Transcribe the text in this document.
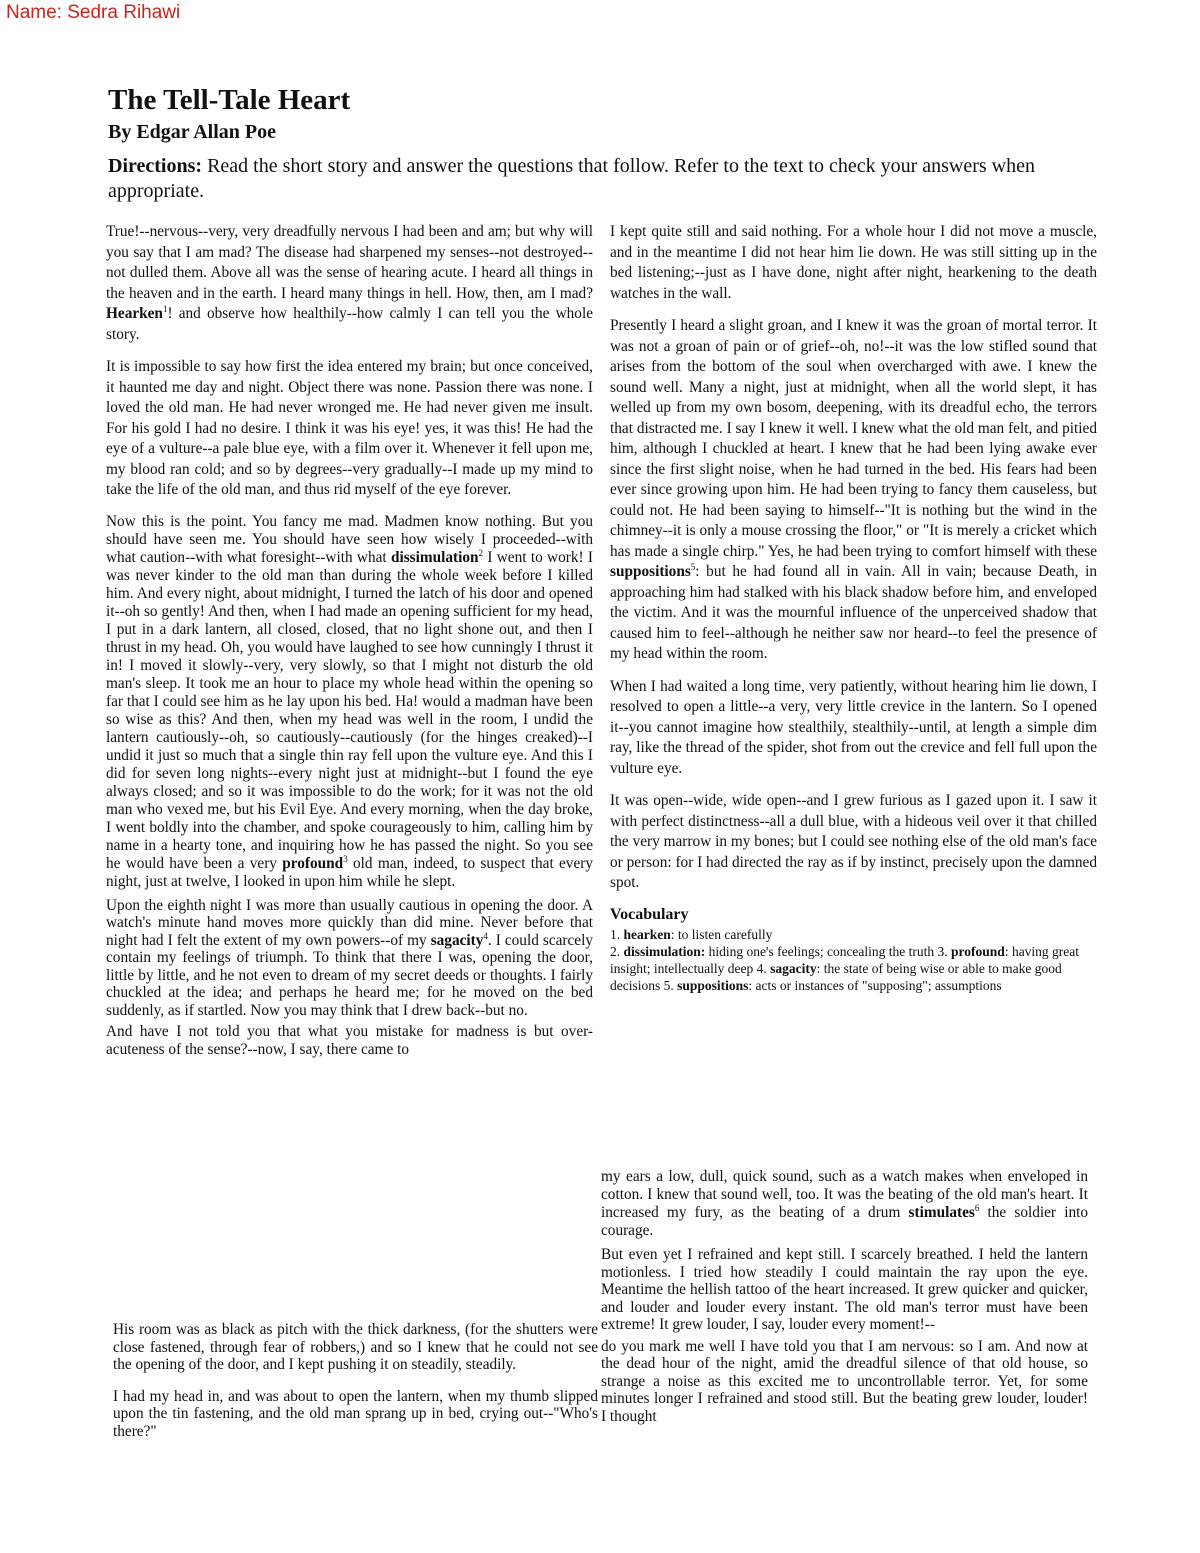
Name: Sedra Rihawi
The Tell-Tale Heart
By Edgar Allan Poe

Directions: Read the short story and answer the questions that follow. Refer to the text to check your answers when appropriate.

True!--nervous--very, very dreadfully nervous I had been and am; but why will you say that I am mad? The disease had sharpened my senses--not destroyed--not dulled them. Above all was the sense of hearing acute. I heard all things in the heaven and in the earth. I heard many things in hell. How, then, am I mad? Hearken$^1$! and observe how healthily--how calmly I can tell you the whole story.

It is impossible to say how first the idea entered my brain; but once conceived, it haunted me day and night. Object there was none. Passion there was none. I loved the old man. He had never wronged me. He had never given me insult. For his gold I had no desire. I think it was his eye! yes, it was this! He had the eye of a vulture--a pale blue eye, with a film over it. Whenever it fell upon me, my blood ran cold; and so by degrees--very gradually--I made up my mind to take the life of the old man, and thus rid myself of the eye forever.

Now this is the point. You fancy me mad. Madmen know nothing. But you should have seen me. You should have seen how wisely I proceeded--with what caution--with what foresight--with what dissimulation$^2$ I went to work! I was never kinder to the old man than during the whole week before I killed him. And every night, about midnight, I turned the latch of his door and opened it--oh so gently! And then, when I had made an opening sufficient for my head, I put in a dark lantern, all closed, closed, that no light shone out, and then I thrust in my head. Oh, you would have laughed to see how cunningly I thrust it in! I moved it slowly--very, very slowly, so that I might not disturb the old man's sleep. It took me an hour to place my whole head within the opening so far that I could see him as he lay upon his bed. Ha! would a madman have been so wise as this? And then, when my head was well in the room, I undid the lantern cautiously--oh, so cautiously--cautiously (for the hinges creaked)--I undid it just so much that a single thin ray fell upon the vulture eye. And this I did for seven long nights--every night just at midnight--but I found the eye always closed; and so it was impossible to do the work; for it was not the old man who vexed me, but his Evil Eye. And every morning, when the day broke, I went boldly into the chamber, and spoke courageously to him, calling him by name in a hearty tone, and inquiring how he has passed the night. So you see he would have been a very profound$^3$ old man, indeed, to suspect that every night, just at twelve, I looked in upon him while he slept.

Upon the eighth night I was more than usually cautious in opening the door. A watch's minute hand moves more quickly than did mine. Never before that night had I felt the extent of my own powers--of my sagacity$^4$. I could scarcely contain my feelings of triumph. To think that there I was, opening the door, little by little, and he not even to dream of my secret deeds or thoughts. I fairly chuckled at the idea; and perhaps he heard me; for he moved on the bed suddenly, as if startled. Now you may think that I drew back--but no.

And have I not told you that what you mistake for madness is but over-acuteness of the sense?--now, I say, there came to

His room was as black as pitch with the thick darkness, (for the shutters were close fastened, through fear of robbers,) and so I knew that he could not see the opening of the door, and I kept pushing it on steadily, steadily.

I had my head in, and was about to open the lantern, when my thumb slipped upon the tin fastening, and the old man sprang up in bed, crying out--"Who's there?"

I kept quite still and said nothing. For a whole hour I did not move a muscle, and in the meantime I did not hear him lie down. He was still sitting up in the bed listening;--just as I have done, night after night, hearkening to the death watches in the wall.

Presently I heard a slight groan, and I knew it was the groan of mortal terror. It was not a groan of pain or of grief--oh, no!--it was the low stifled sound that arises from the bottom of the soul when overcharged with awe. I knew the sound well. Many a night, just at midnight, when all the world slept, it has welled up from my own bosom, deepening, with its dreadful echo, the terrors that distracted me. I say I knew it well. I knew what the old man felt, and pitied him, although I chuckled at heart. I knew that he had been lying awake ever since the first slight noise, when he had turned in the bed. His fears had been ever since growing upon him. He had been trying to fancy them causeless, but could not. He had been saying to himself--"It is nothing but the wind in the chimney--it is only a mouse crossing the floor," or "It is merely a cricket which has made a single chirp." Yes, he had been trying to comfort himself with these suppositions$^5$: but he had found all in vain. All in vain; because Death, in approaching him had stalked with his black shadow before him, and enveloped the victim. And it was the mournful influence of the unperceived shadow that caused him to feel--although he neither saw nor heard--to feel the presence of my head within the room.

When I had waited a long time, very patiently, without hearing him lie down, I resolved to open a little--a very, very little crevice in the lantern. So I opened it--you cannot imagine how stealthily, stealthily--until, at length a simple dim ray, like the thread of the spider, shot from out the crevice and fell full upon the vulture eye.

It was open--wide, wide open--and I grew furious as I gazed upon it. I saw it with perfect distinctness--all a dull blue, with a hideous veil over it that chilled the very marrow in my bones; but I could see nothing else of the old man's face or person: for I had directed the ray as if by instinct, precisely upon the damned spot.

Vocabulary

1. hearken: to listen carefully

2. dissimulation: hiding one's feelings; concealing the truth 3. profound: having great insight; intellectually deep 4. sagacity: the state of being wise or able to make good decisions 5. suppositions: acts or instances of "supposing"; assumptions

my ears a low, dull, quick sound, such as a watch makes when enveloped in cotton. I knew that sound well, too. It was the beating of the old man's heart. It increased my fury, as the beating of a drum stimulates$^6$ the soldier into courage.

But even yet I refrained and kept still. I scarcely breathed. I held the lantern motionless. I tried how steadily I could maintain the ray upon the eye. Meantime the hellish tattoo of the heart increased. It grew quicker and quicker, and louder and louder every instant. The old man's terror must have been extreme! It grew louder, I say, louder every moment!--

do you mark me well I have told you that I am nervous: so I am. And now at the dead hour of the night, amid the dreadful silence of that old house, so strange a noise as this excited me to uncontrollable terror. Yet, for some minutes longer I refrained and stood still. But the beating grew louder, louder! I thought
